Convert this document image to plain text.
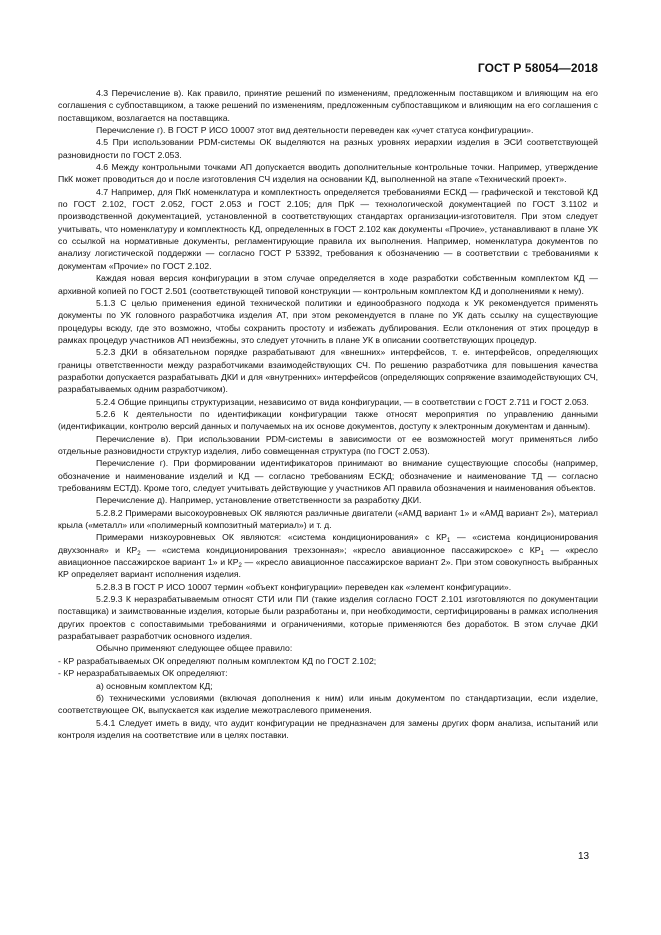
ГОСТ Р 58054—2018

4.3 Перечисление в). Как правило, принятие решений по изменениям, предложенным поставщиком и влияющим на его соглашения с субпоставщиком, а также решений по изменениям, предложенным субпоставщиком и влияющим на его соглашения с поставщиком, возлагается на поставщика.

Перечисление г). В ГОСТ Р ИСО 10007 этот вид деятельности переведен как «учет статуса конфигурации».

4.5 При использовании PDM-системы ОК выделяются на разных уровнях иерархии изделия в ЭСИ соответствующей разновидности по ГОСТ 2.053.

4.6 Между контрольными точками АП допускается вводить дополнительные контрольные точки. Например, утверждение ПкК может проводиться до и после изготовления СЧ изделия на основании КД, выполненной на этапе «Технический проект».

4.7 Например, для ПкК номенклатура и комплектность определяется требованиями ЕСКД — графической и текстовой КД по ГОСТ 2.102, ГОСТ 2.052, ГОСТ 2.053 и ГОСТ 2.105; для ПрК — технологической документацией по ГОСТ 3.1102 и производственной документацией, установленной в соответствующих стандартах организации-изготовителя. При этом следует учитывать, что номенклатуру и комплектность КД, определенных в ГОСТ 2.102 как документы «Прочие», устанавливают в плане УК со ссылкой на нормативные документы, регламентирующие правила их выполнения. Например, номенклатура документов по анализу логистической поддержки — согласно ГОСТ Р 53392, требования к обозначению — в соответствии с требованиями к документам «Прочие» по ГОСТ 2.102.

Каждая новая версия конфигурации в этом случае определяется в ходе разработки собственным комплектом КД — архивной копией по ГОСТ 2.501 (соответствующей типовой конструкции — контрольным комплектом КД и дополнениями к нему).

5.1.3 С целью применения единой технической политики и единообразного подхода к УК рекомендуется применять документы по УК головного разработчика изделия АТ, при этом рекомендуется в плане по УК дать ссылку на существующие процедуры всюду, где это возможно, чтобы сохранить простоту и избежать дублирования. Если отклонения от этих процедур в рамках процедур участников АП неизбежны, это следует уточнить в плане УК в описании соответствующих процедур.

5.2.3 ДКИ в обязательном порядке разрабатывают для «внешних» интерфейсов, т. е. интерфейсов, определяющих границы ответственности между разработчиками взаимодействующих СЧ. По решению разработчика для повышения качества разработки допускается разрабатывать ДКИ и для «внутренних» интерфейсов (определяющих сопряжение взаимодействующих СЧ, разрабатываемых одним разработчиком).

5.2.4 Общие принципы структуризации, независимо от вида конфигурации, — в соответствии с ГОСТ 2.711 и ГОСТ 2.053.

5.2.6 К деятельности по идентификации конфигурации также относят мероприятия по управлению данными (идентификации, контролю версий данных и получаемых на их основе документов, доступу к электронным документам и данным).

Перечисление в). При использовании PDM-системы в зависимости от ее возможностей могут применяться либо отдельные разновидности структур изделия, либо совмещенная структура (по ГОСТ 2.053).

Перечисление г). При формировании идентификаторов принимают во внимание существующие способы (например, обозначение и наименование изделий и КД — согласно требованиям ЕСКД; обозначение и наименование ТД — согласно требованиям ЕСТД). Кроме того, следует учитывать действующие у участников АП правила обозначения и наименования объектов.

Перечисление д). Например, установление ответственности за разработку ДКИ.

5.2.8.2 Примерами высокоуровневых ОК являются различные двигатели («АМД вариант 1» и «АМД вариант 2»), материал крыла («металл» или «полимерный композитный материал») и т. д.

Примерами низкоуровневых ОК являются: «система кондиционирования» с $КР_1$ — «система кондиционирования двухзонная» и $КР_2$ — «система кондиционирования трехзонная»; «кресло авиационное пассажирское» с $КР_1$ — «кресло авиационное пассажирское вариант 1» и $КР_2$ — «кресло авиационное пассажирское вариант 2». При этом совокупность выбранных КР определяет вариант исполнения изделия.

5.2.8.3 В ГОСТ Р ИСО 10007 термин «объект конфигурации» переведен как «элемент конфигурации».

5.2.9.3 К неразрабатываемым относят СТИ или ПИ (такие изделия согласно ГОСТ 2.101 изготовляются по документации поставщика) и заимствованные изделия, которые были разработаны и, при необходимости, сертифицированы в рамках исполнения других проектов с сопоставимыми требованиями и ограничениями, которые применяются без доработок. В этом случае ДКИ разрабатывает разработчик основного изделия.

Обычно применяют следующее общее правило:

- КР разрабатываемых ОК определяют полным комплектом КД по ГОСТ 2.102;

- КР неразрабатываемых ОК определяют:

а) основным комплектом КД;

б) техническими условиями (включая дополнения к ним) или иным документом по стандартизации, если изделие, соответствующее ОК, выпускается как изделие межотраслевого применения.

5.4.1 Следует иметь в виду, что аудит конфигурации не предназначен для замены других форм анализа, испытаний или контроля изделия на соответствие или в целях поставки.

13
